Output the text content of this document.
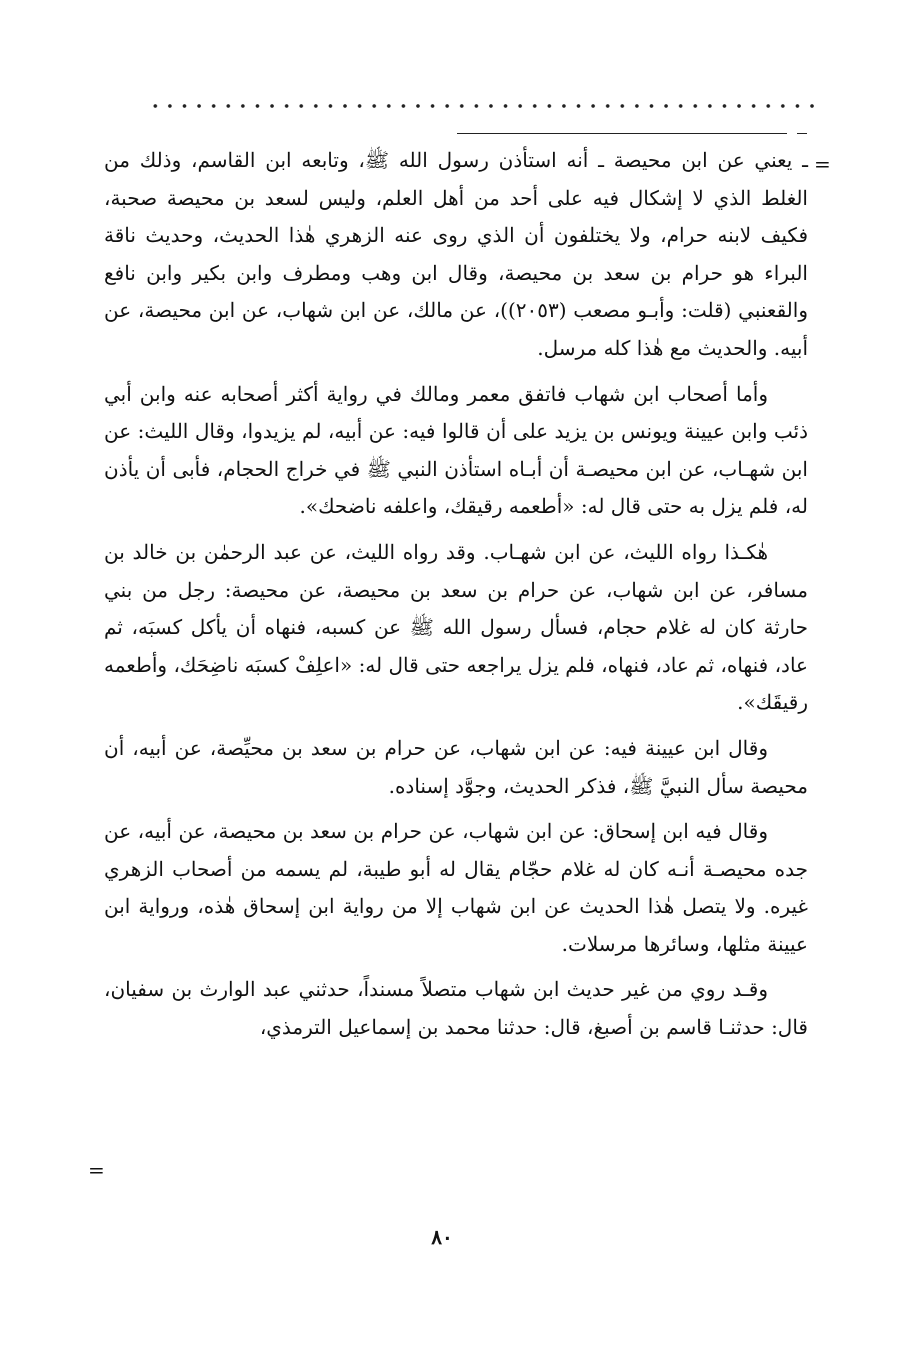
=

ـ يعني عن ابن محيصة ـ أنه استأذن رسول الله ﷺ، وتابعه ابن القاسم، وذلك من الغلط الذي لا إشكال فيه على أحد من أهل العلم، وليس لسعد بن محيصة صحبة، فكيف لابنه حرام، ولا يختلفون أن الذي روى عنه الزهري هٰذا الحديث، وحديث ناقة البراء هو حرام بن سعد بن محيصة، وقال ابن وهب ومطرف وابن بكير وابن نافع والقعنبي (قلت: وأبـو مصعب (٢٠٥٣))، عن مالك، عن ابن شهاب، عن ابن محيصة، عن أبيه. والحديث مع هٰذا كله مرسل.

وأما أصحاب ابن شهاب فاتفق معمر ومالك في رواية أكثر أصحابه عنه وابن أبي ذئب وابن عيينة ويونس بن يزيد على أن قالوا فيه: عن أبيه، لم يزيدوا، وقال الليث: عن ابن شهـاب، عن ابن محيصـة أن أبـاه استأذن النبي ﷺ في خراج الحجام، فأبى أن يأذن له، فلم يزل به حتى قال له: «أطعمه رقيقك، واعلفه ناضحك».

هٰكـذا رواه الليث، عن ابن شهـاب. وقد رواه الليث، عن عبد الرحمٰن بن خالد بن مسافر، عن ابن شهاب، عن حرام بن سعد بن محيصة، عن محيصة: رجل من بني حارثة كان له غلام حجام، فسأل رسول الله ﷺ عن كسبه، فنهاه أن يأكل كسبَه، ثم عاد، فنهاه، ثم عاد، فنهاه، فلم يزل يراجعه حتى قال له: «اعلِفْ كسبَه ناضِحَك، وأطعمه رقيقَك».

وقال ابن عيينة فيه: عن ابن شهاب، عن حرام بن سعد بن محيِّصة، عن أبيه، أن محيصة سأل النبيَّ ﷺ، فذكر الحديث، وجوَّد إسناده.

وقال فيه ابن إسحاق: عن ابن شهاب، عن حرام بن سعد بن محيصة، عن أبيه، عن جده محيصـة أنـه كان له غلام حجّام يقال له أبو طيبة، لم يسمه من أصحاب الزهري غيره. ولا يتصل هٰذا الحديث عن ابن شهاب إلا من رواية ابن إسحاق هٰذه، ورواية ابن عيينة مثلها، وسائرها مرسلات.

وقـد روي من غير حديث ابن شهاب متصلاً مسنداً، حدثني عبد الوارث بن سفيان، قال: حدثنـا قاسم بن أصبغ، قال: حدثنا محمد بن إسماعيل الترمذي،

=
٨٠
